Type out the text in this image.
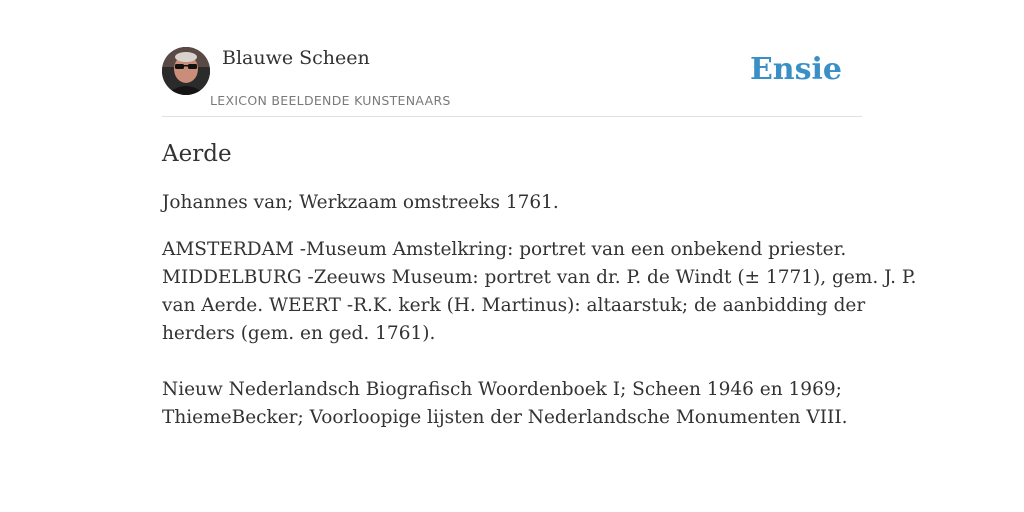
Blauwe Scheen
LEXICON BEELDENDE KUNSTENAARS
Ensie
Aerde

Johannes van; Werkzaam omstreeks 1761.

AMSTERDAM -Museum Amstelkring: portret van een onbekend priester.
MIDDELBURG -Zeeuws Museum: portret van dr. P. de Windt (± 1771), gem. J. P.
van Aerde. WEERT -R.K. kerk (H. Martinus): altaarstuk; de aanbidding der
herders (gem. en ged. 1761).

Nieuw Nederlandsch Biografisch Woordenboek I; Scheen 1946 en 1969;
ThiemeBecker; Voorloopige lijsten der Nederlandsche Monumenten VIII.
